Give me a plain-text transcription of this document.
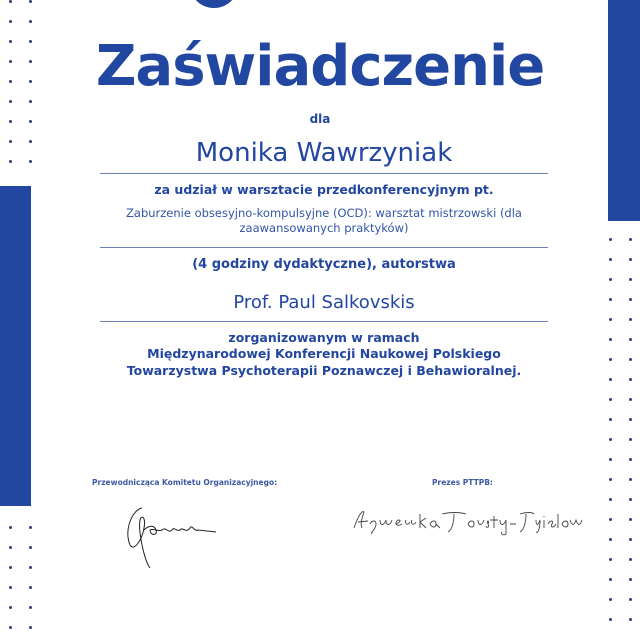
Zaświadczenie
dla
Monika Wawrzyniak
za udział w warsztacie przedkonferencyjnym pt.
Zaburzenie obsesyjno-kompulsyjne (OCD): warsztat mistrzowski (dla
zaawansowanych praktyków)
(4 godziny dydaktyczne), autorstwa
Prof. Paul Salkovskis
zorganizowanym w ramach
Międzynarodowej Konferencji Naukowej Polskiego
Towarzystwa Psychoterapii Poznawczej i Behawioralnej.
Przewodnicząca Komitetu Organizacyjnego:	Prezes PTTPB:
